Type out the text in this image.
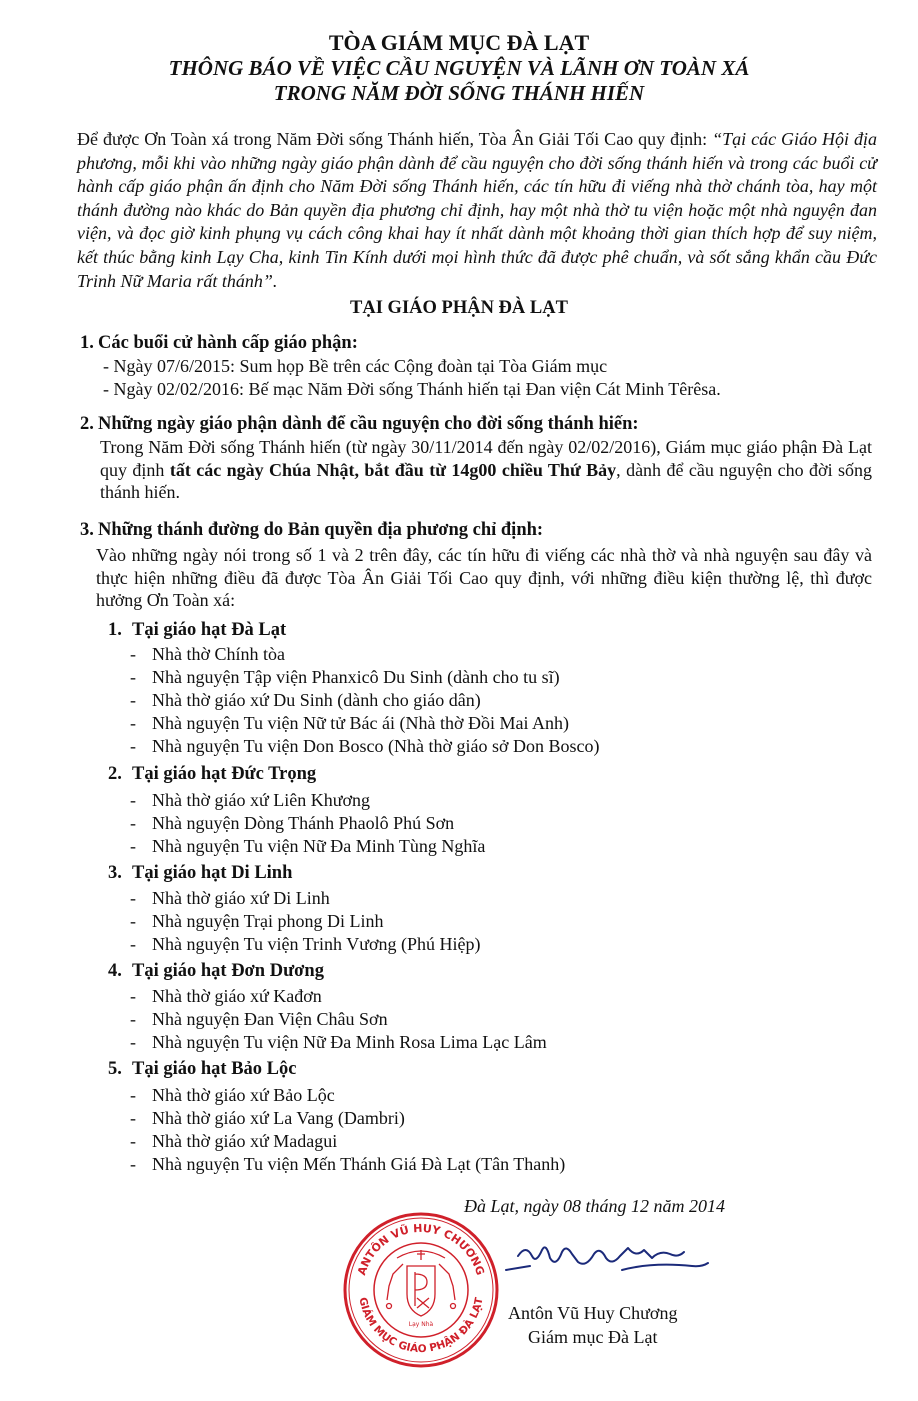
TÒA GIÁM MỤC ĐÀ LẠT
THÔNG BÁO VỀ VIỆC CẦU NGUYỆN VÀ LÃNH ƠN TOÀN XÁ
TRONG NĂM ĐỜI SỐNG THÁNH HIẾN

Để được Ơn Toàn xá trong Năm Đời sống Thánh hiến, Tòa Ân Giải Tối Cao quy định: “Tại các Giáo Hội địa phương, mỗi khi vào những ngày giáo phận dành để cầu nguyện cho đời sống thánh hiến và trong các buổi cử hành cấp giáo phận ấn định cho Năm Đời sống Thánh hiến, các tín hữu đi viếng nhà thờ chánh tòa, hay một thánh đường nào khác do Bản quyền địa phương chỉ định, hay một nhà thờ tu viện hoặc một nhà nguyện đan viện, và đọc giờ kinh phụng vụ cách công khai hay ít nhất dành một khoảng thời gian thích hợp để suy niệm, kết thúc bằng kinh Lạy Cha, kinh Tin Kính dưới mọi hình thức đã được phê chuẩn, và sốt sắng khẩn cầu Đức Trinh Nữ Maria rất thánh”.

TẠI GIÁO PHẬN ĐÀ LẠT
1. Các buổi cử hành cấp giáo phận:
- Ngày 07/6/2015: Sum họp Bề trên các Cộng đoàn tại Tòa Giám mục
- Ngày 02/02/2016: Bế mạc Năm Đời sống Thánh hiến tại Đan viện Cát Minh Têrêsa.
2. Những ngày giáo phận dành để cầu nguyện cho đời sống thánh hiến:

Trong Năm Đời sống Thánh hiến (từ ngày 30/11/2014 đến ngày 02/02/2016), Giám mục giáo phận Đà Lạt quy định tất các ngày Chúa Nhật, bắt đầu từ 14g00 chiều Thứ Bảy, dành để cầu nguyện cho đời sống thánh hiến.

3. Những thánh đường do Bản quyền địa phương chỉ định:

Vào những ngày nói trong số 1 và 2 trên đây, các tín hữu đi viếng các nhà thờ và nhà nguyện sau đây và thực hiện những điều đã được Tòa Ân Giải Tối Cao quy định, với những điều kiện thường lệ, thì được hưởng Ơn Toàn xá:

1. Tại giáo hạt Đà Lạt
- Nhà thờ Chính tòa
- Nhà nguyện Tập viện Phanxicô Du Sinh (dành cho tu sĩ)
- Nhà thờ giáo xứ Du Sinh (dành cho giáo dân)
- Nhà nguyện Tu viện Nữ tử Bác ái (Nhà thờ Đồi Mai Anh)
- Nhà nguyện Tu viện Don Bosco (Nhà thờ giáo sở Don Bosco)
2. Tại giáo hạt Đức Trọng
- Nhà thờ giáo xứ Liên Khương
- Nhà nguyện Dòng Thánh Phaolô Phú Sơn
- Nhà nguyện Tu viện Nữ Đa Minh Tùng Nghĩa
3. Tại giáo hạt Di Linh
- Nhà thờ giáo xứ Di Linh
- Nhà nguyện Trại phong Di Linh
- Nhà nguyện Tu viện Trinh Vương (Phú Hiệp)
4. Tại giáo hạt Đơn Dương
- Nhà thờ giáo xứ Kađơn
- Nhà nguyện Đan Viện Châu Sơn
- Nhà nguyện Tu viện Nữ Đa Minh Rosa Lima Lạc Lâm
5. Tại giáo hạt Bảo Lộc
- Nhà thờ giáo xứ Bảo Lộc
- Nhà thờ giáo xứ La Vang (Dambri)
- Nhà thờ giáo xứ Madagui
- Nhà nguyện Tu viện Mến Thánh Giá Đà Lạt (Tân Thanh)
Đà Lạt, ngày 08 tháng 12 năm 2014
ANTÔN VŨ HUY CHƯƠNG
GIÁM MỤC GIÁO PHẬN ĐÀ LẠT
Lạy Nhà
Antôn Vũ Huy Chương
Giám mục Đà Lạt
